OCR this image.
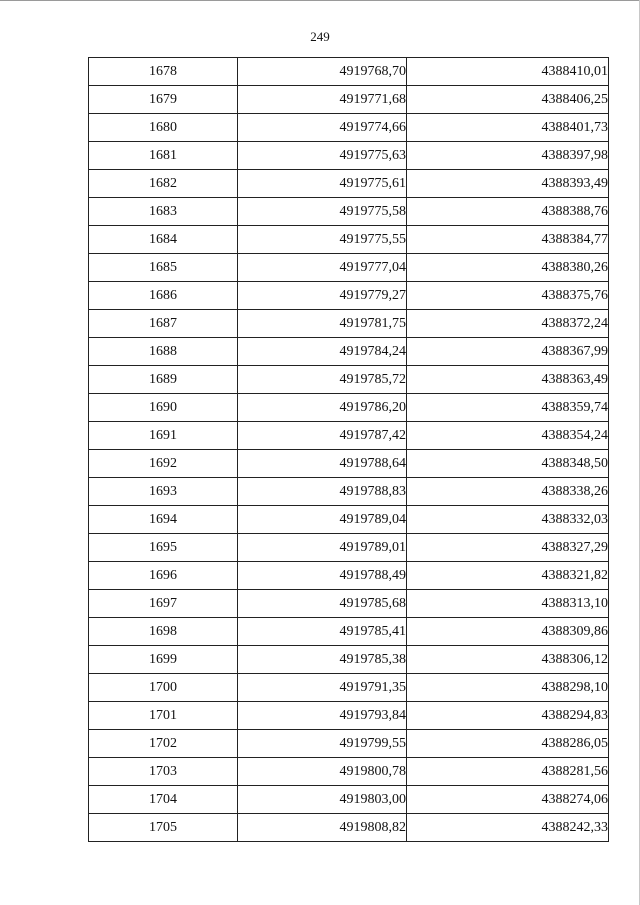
249
1678	4919768,70	4388410,01
1679	4919771,68	4388406,25
1680	4919774,66	4388401,73
1681	4919775,63	4388397,98
1682	4919775,61	4388393,49
1683	4919775,58	4388388,76
1684	4919775,55	4388384,77
1685	4919777,04	4388380,26
1686	4919779,27	4388375,76
1687	4919781,75	4388372,24
1688	4919784,24	4388367,99
1689	4919785,72	4388363,49
1690	4919786,20	4388359,74
1691	4919787,42	4388354,24
1692	4919788,64	4388348,50
1693	4919788,83	4388338,26
1694	4919789,04	4388332,03
1695	4919789,01	4388327,29
1696	4919788,49	4388321,82
1697	4919785,68	4388313,10
1698	4919785,41	4388309,86
1699	4919785,38	4388306,12
1700	4919791,35	4388298,10
1701	4919793,84	4388294,83
1702	4919799,55	4388286,05
1703	4919800,78	4388281,56
1704	4919803,00	4388274,06
1705	4919808,82	4388242,33
